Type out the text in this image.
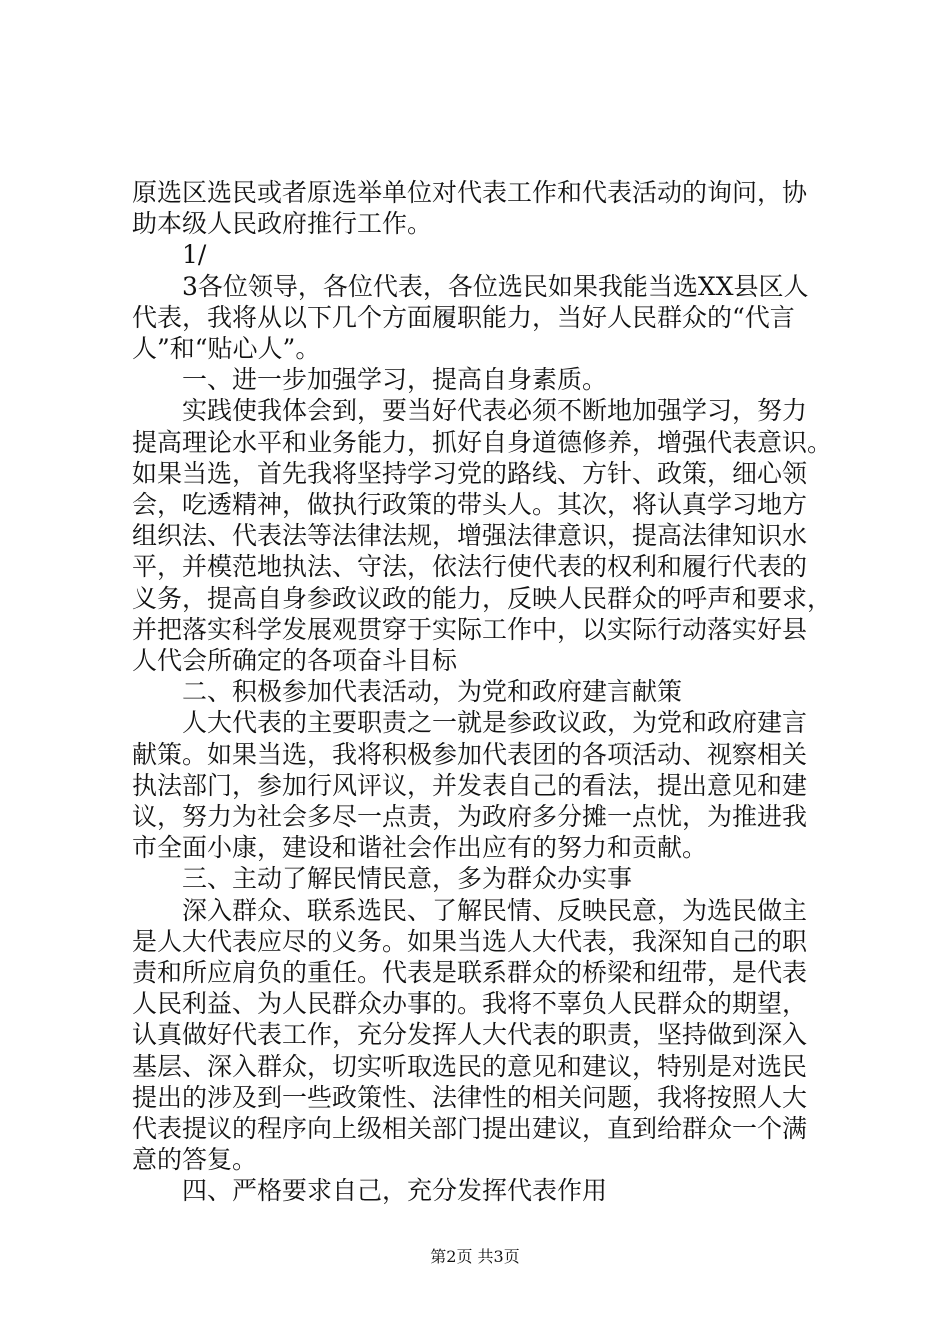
原选区选民或者原选举单位对代表工作和代表活动的询问，协
助本级人民政府推行工作。
1/
3各位领导，各位代表，各位选民如果我能当选XX县区人
代表，我将从以下几个方面履职能力，当好人民群众的“代言
人”和“贴心人”。
一、进一步加强学习，提高自身素质。
实践使我体会到，要当好代表必须不断地加强学习，努力
提高理论水平和业务能力，抓好自身道德修养，增强代表意识。
如果当选，首先我将坚持学习党的路线、方针、政策，细心领
会，吃透精神，做执行政策的带头人。其次，将认真学习地方
组织法、代表法等法律法规，增强法律意识，提高法律知识水
平，并模范地执法、守法，依法行使代表的权利和履行代表的
义务，提高自身参政议政的能力，反映人民群众的呼声和要求，
并把落实科学发展观贯穿于实际工作中，以实际行动落实好县
人代会所确定的各项奋斗目标
二、积极参加代表活动，为党和政府建言献策
人大代表的主要职责之一就是参政议政，为党和政府建言
献策。如果当选，我将积极参加代表团的各项活动、视察相关
执法部门，参加行风评议，并发表自己的看法，提出意见和建
议，努力为社会多尽一点责，为政府多分摊一点忧，为推进我
市全面小康，建设和谐社会作出应有的努力和贡献。
三、主动了解民情民意，多为群众办实事
深入群众、联系选民、了解民情、反映民意，为选民做主
是人大代表应尽的义务。如果当选人大代表，我深知自己的职
责和所应肩负的重任。代表是联系群众的桥梁和纽带，是代表
人民利益、为人民群众办事的。我将不辜负人民群众的期望，
认真做好代表工作，充分发挥人大代表的职责，坚持做到深入
基层、深入群众，切实听取选民的意见和建议，特别是对选民
提出的涉及到一些政策性、法律性的相关问题，我将按照人大
代表提议的程序向上级相关部门提出建议，直到给群众一个满
意的答复。
四、严格要求自己，充分发挥代表作用
第2页 共3页
